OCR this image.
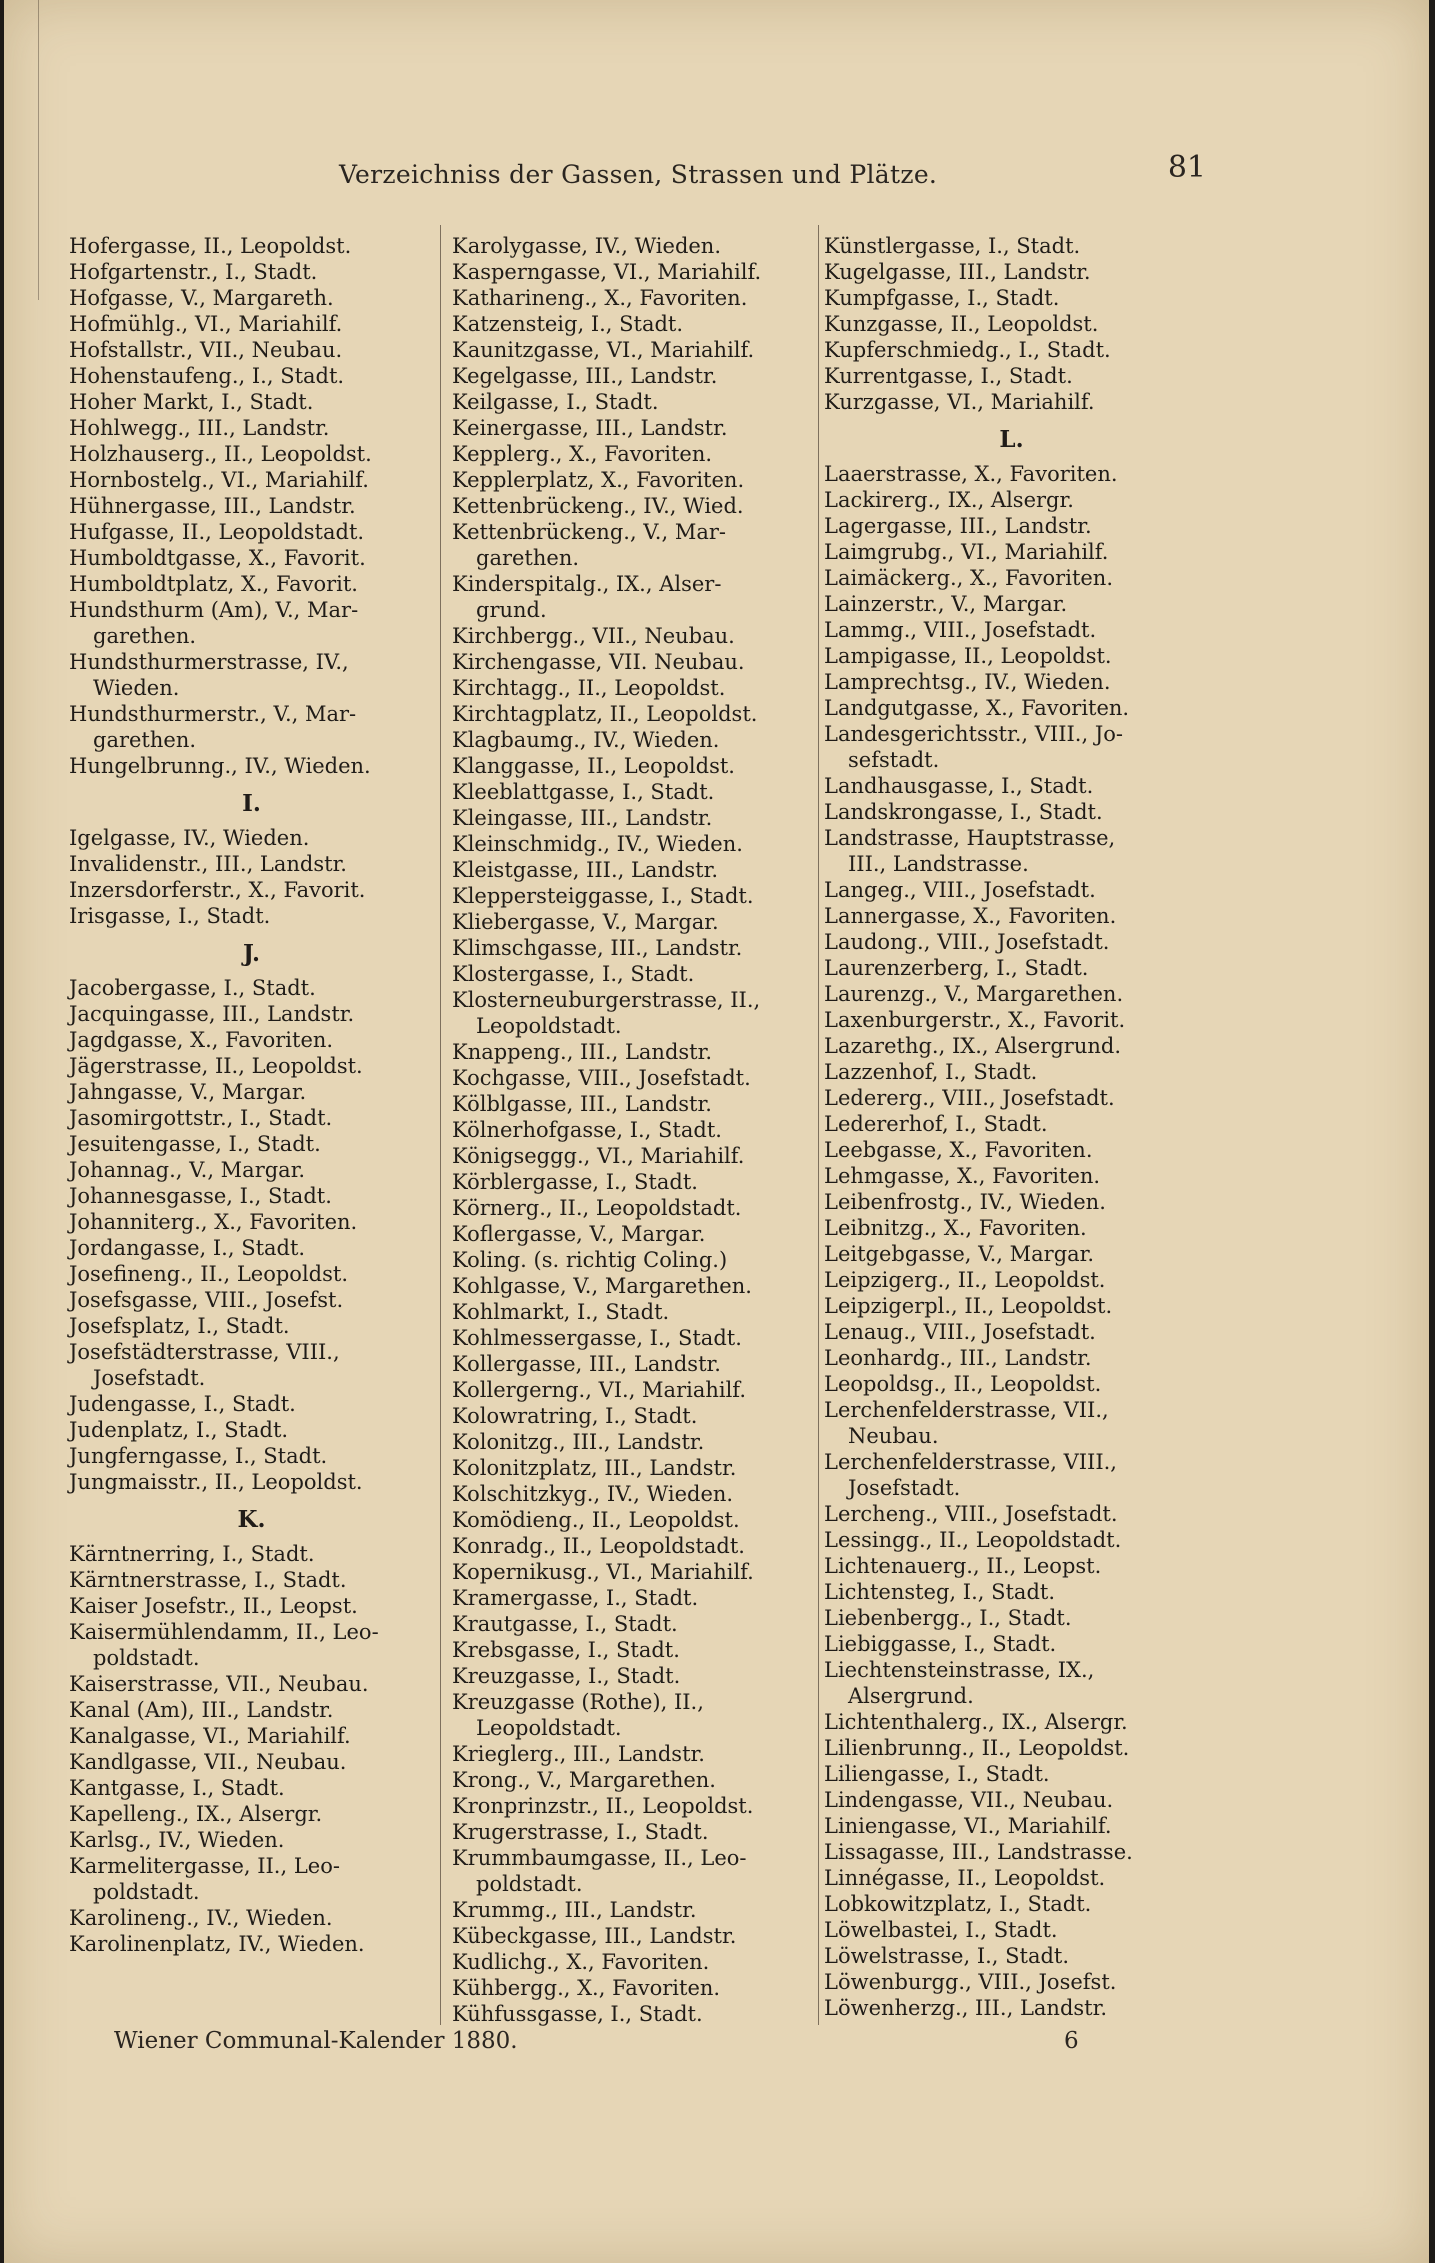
Verzeichniss der Gassen, Strassen und Plätze.	81
Hofergasse, II., Leopoldst.
Hofgartenstr., I., Stadt.
Hofgasse, V., Margareth.
Hofmühlg., VI., Mariahilf.
Hofstallstr., VII., Neubau.
Hohenstaufeng., I., Stadt.
Hoher Markt, I., Stadt.
Hohlwegg., III., Landstr.
Holzhauserg., II., Leopoldst.
Hornbostelg., VI., Mariahilf.
Hühnergasse, III., Landstr.
Hufgasse, II., Leopoldstadt.
Humboldtgasse, X., Favorit.
Humboldtplatz, X., Favorit.
Hundsthurm (Am), V., Mar-
garethen.
Hundsthurmerstrasse, IV.,
Wieden.
Hundsthurmerstr., V., Mar-
garethen.
Hungelbrunng., IV., Wieden.
I.
Igelgasse, IV., Wieden.
Invalidenstr., III., Landstr.
Inzersdorferstr., X., Favorit.
Irisgasse, I., Stadt.
J.
Jacobergasse, I., Stadt.
Jacquingasse, III., Landstr.
Jagdgasse, X., Favoriten.
Jägerstrasse, II., Leopoldst.
Jahngasse, V., Margar.
Jasomirgottstr., I., Stadt.
Jesuitengasse, I., Stadt.
Johannag., V., Margar.
Johannesgasse, I., Stadt.
Johanniterg., X., Favoriten.
Jordangasse, I., Stadt.
Josefineng., II., Leopoldst.
Josefsgasse, VIII., Josefst.
Josefsplatz, I., Stadt.
Josefstädterstrasse, VIII.,
Josefstadt.
Judengasse, I., Stadt.
Judenplatz, I., Stadt.
Jungferngasse, I., Stadt.
Jungmaisstr., II., Leopoldst.
K.
Kärntnerring, I., Stadt.
Kärntnerstrasse, I., Stadt.
Kaiser Josefstr., II., Leopst.
Kaisermühlendamm, II., Leo-
poldstadt.
Kaiserstrasse, VII., Neubau.
Kanal (Am), III., Landstr.
Kanalgasse, VI., Mariahilf.
Kandlgasse, VII., Neubau.
Kantgasse, I., Stadt.
Kapelleng., IX., Alsergr.
Karlsg., IV., Wieden.
Karmelitergasse, II., Leo-
poldstadt.
Karolineng., IV., Wieden.
Karolinenplatz, IV., Wieden.
Karolygasse, IV., Wieden.
Kasperngasse, VI., Mariahilf.
Katharineng., X., Favoriten.
Katzensteig, I., Stadt.
Kaunitzgasse, VI., Mariahilf.
Kegelgasse, III., Landstr.
Keilgasse, I., Stadt.
Keinergasse, III., Landstr.
Kepplerg., X., Favoriten.
Kepplerplatz, X., Favoriten.
Kettenbrückeng., IV., Wied.
Kettenbrückeng., V., Mar-
garethen.
Kinderspitalg., IX., Alser-
grund.
Kirchbergg., VII., Neubau.
Kirchengasse, VII. Neubau.
Kirchtagg., II., Leopoldst.
Kirchtagplatz, II., Leopoldst.
Klagbaumg., IV., Wieden.
Klanggasse, II., Leopoldst.
Kleeblattgasse, I., Stadt.
Kleingasse, III., Landstr.
Kleinschmidg., IV., Wieden.
Kleistgasse, III., Landstr.
Kleppersteiggasse, I., Stadt.
Kliebergasse, V., Margar.
Klimschgasse, III., Landstr.
Klostergasse, I., Stadt.
Klosterneuburgerstrasse, II.,
Leopoldstadt.
Knappeng., III., Landstr.
Kochgasse, VIII., Josefstadt.
Kölblgasse, III., Landstr.
Kölnerhofgasse, I., Stadt.
Königseggg., VI., Mariahilf.
Körblergasse, I., Stadt.
Körnerg., II., Leopoldstadt.
Koflergasse, V., Margar.
Koling. (s. richtig Coling.)
Kohlgasse, V., Margarethen.
Kohlmarkt, I., Stadt.
Kohlmessergasse, I., Stadt.
Kollergasse, III., Landstr.
Kollergerng., VI., Mariahilf.
Kolowratring, I., Stadt.
Kolonitzg., III., Landstr.
Kolonitzplatz, III., Landstr.
Kolschitzkyg., IV., Wieden.
Komödieng., II., Leopoldst.
Konradg., II., Leopoldstadt.
Kopernikusg., VI., Mariahilf.
Kramergasse, I., Stadt.
Krautgasse, I., Stadt.
Krebsgasse, I., Stadt.
Kreuzgasse, I., Stadt.
Kreuzgasse (Rothe), II.,
Leopoldstadt.
Krieglerg., III., Landstr.
Krong., V., Margarethen.
Kronprinzstr., II., Leopoldst.
Krugerstrasse, I., Stadt.
Krummbaumgasse, II., Leo-
poldstadt.
Krummg., III., Landstr.
Kübeckgasse, III., Landstr.
Kudlichg., X., Favoriten.
Kühbergg., X., Favoriten.
Kühfussgasse, I., Stadt.
Künstlergasse, I., Stadt.
Kugelgasse, III., Landstr.
Kumpfgasse, I., Stadt.
Kunzgasse, II., Leopoldst.
Kupferschmiedg., I., Stadt.
Kurrentgasse, I., Stadt.
Kurzgasse, VI., Mariahilf.
L.
Laaerstrasse, X., Favoriten.
Lackirerg., IX., Alsergr.
Lagergasse, III., Landstr.
Laimgrubg., VI., Mariahilf.
Laimäckerg., X., Favoriten.
Lainzerstr., V., Margar.
Lammg., VIII., Josefstadt.
Lampigasse, II., Leopoldst.
Lamprechtsg., IV., Wieden.
Landgutgasse, X., Favoriten.
Landesgerichtsstr., VIII., Jo-
sefstadt.
Landhausgasse, I., Stadt.
Landskrongasse, I., Stadt.
Landstrasse, Hauptstrasse,
III., Landstrasse.
Langeg., VIII., Josefstadt.
Lannergasse, X., Favoriten.
Laudong., VIII., Josefstadt.
Laurenzerberg, I., Stadt.
Laurenzg., V., Margarethen.
Laxenburgerstr., X., Favorit.
Lazarethg., IX., Alsergrund.
Lazzenhof, I., Stadt.
Ledererg., VIII., Josefstadt.
Ledererhof, I., Stadt.
Leebgasse, X., Favoriten.
Lehmgasse, X., Favoriten.
Leibenfrostg., IV., Wieden.
Leibnitzg., X., Favoriten.
Leitgebgasse, V., Margar.
Leipzigerg., II., Leopoldst.
Leipzigerpl., II., Leopoldst.
Lenaug., VIII., Josefstadt.
Leonhardg., III., Landstr.
Leopoldsg., II., Leopoldst.
Lerchenfelderstrasse, VII.,
Neubau.
Lerchenfelderstrasse, VIII.,
Josefstadt.
Lercheng., VIII., Josefstadt.
Lessingg., II., Leopoldstadt.
Lichtenauerg., II., Leopst.
Lichtensteg, I., Stadt.
Liebenbergg., I., Stadt.
Liebiggasse, I., Stadt.
Liechtensteinstrasse, IX.,
Alsergrund.
Lichtenthalerg., IX., Alsergr.
Lilienbrunng., II., Leopoldst.
Liliengasse, I., Stadt.
Lindengasse, VII., Neubau.
Liniengasse, VI., Mariahilf.
Lissagasse, III., Landstrasse.
Linnégasse, II., Leopoldst.
Lobkowitzplatz, I., Stadt.
Löwelbastei, I., Stadt.
Löwelstrasse, I., Stadt.
Löwenburgg., VIII., Josefst.
Löwenherzg., III., Landstr.
Wiener Communal-Kalender 1880.	6
